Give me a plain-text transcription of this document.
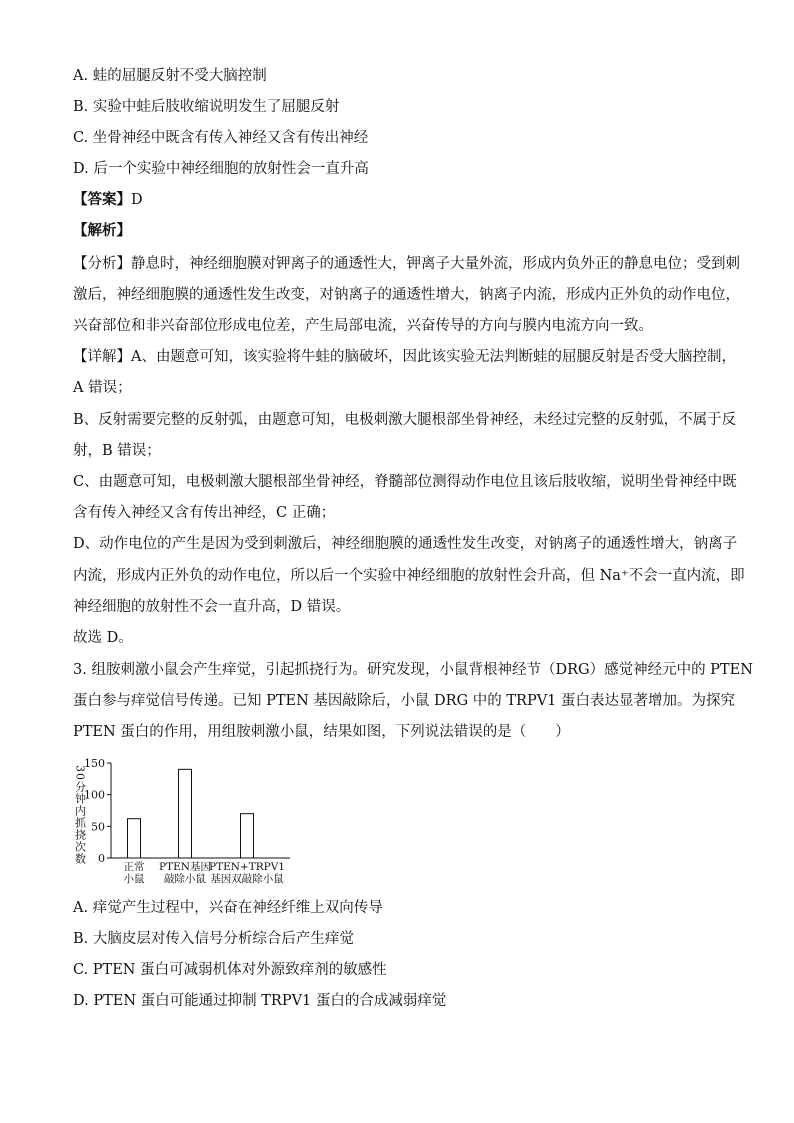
A. 蛙的屈腿反射不受大脑控制
B. 实验中蛙后肢收缩说明发生了屈腿反射
C. 坐骨神经中既含有传入神经又含有传出神经
D. 后一个实验中神经细胞的放射性会一直升高
【答案】D
【解析】
【分析】静息时，神经细胞膜对钾离子的通透性大，钾离子大量外流，形成内负外正的静息电位；受到刺
激后，神经细胞膜的通透性发生改变，对钠离子的通透性增大，钠离子内流，形成内正外负的动作电位，
兴奋部位和非兴奋部位形成电位差，产生局部电流，兴奋传导的方向与膜内电流方向一致。
【详解】A、由题意可知，该实验将牛蛙的脑破坏，因此该实验无法判断蛙的屈腿反射是否受大脑控制，
A 错误；
B、反射需要完整的反射弧，由题意可知，电极刺激大腿根部坐骨神经，未经过完整的反射弧，不属于反
射，B 错误；
C、由题意可知，电极刺激大腿根部坐骨神经，脊髓部位测得动作电位且该后肢收缩，说明坐骨神经中既
含有传入神经又含有传出神经，C 正确；
D、动作电位的产生是因为受到刺激后，神经细胞膜的通透性发生改变，对钠离子的通透性增大，钠离子
内流，形成内正外负的动作电位，所以后一个实验中神经细胞的放射性会升高，但 Na⁺不会一直内流，即
神经细胞的放射性不会一直升高，D 错误。
故选 D。
3. 组胺刺激小鼠会产生痒觉，引起抓挠行为。研究发现，小鼠背根神经节（DRG）感觉神经元中的 PTEN
蛋白参与痒觉信号传递。已知 PTEN 基因敲除后，小鼠 DRG 中的 TRPV1 蛋白表达显著增加。为探究
PTEN 蛋白的作用，用组胺刺激小鼠，结果如图，下列说法错误的是（　　）
30分钟内抓挠次数
150
100
50
0
正常
小鼠
PTEN基因
敲除小鼠
PTEN+TRPV1
基因双敲除小鼠
A. 痒觉产生过程中，兴奋在神经纤维上双向传导
B. 大脑皮层对传入信号分析综合后产生痒觉
C. PTEN 蛋白可减弱机体对外源致痒剂的敏感性
D. PTEN 蛋白可能通过抑制 TRPV1 蛋白的合成减弱痒觉
